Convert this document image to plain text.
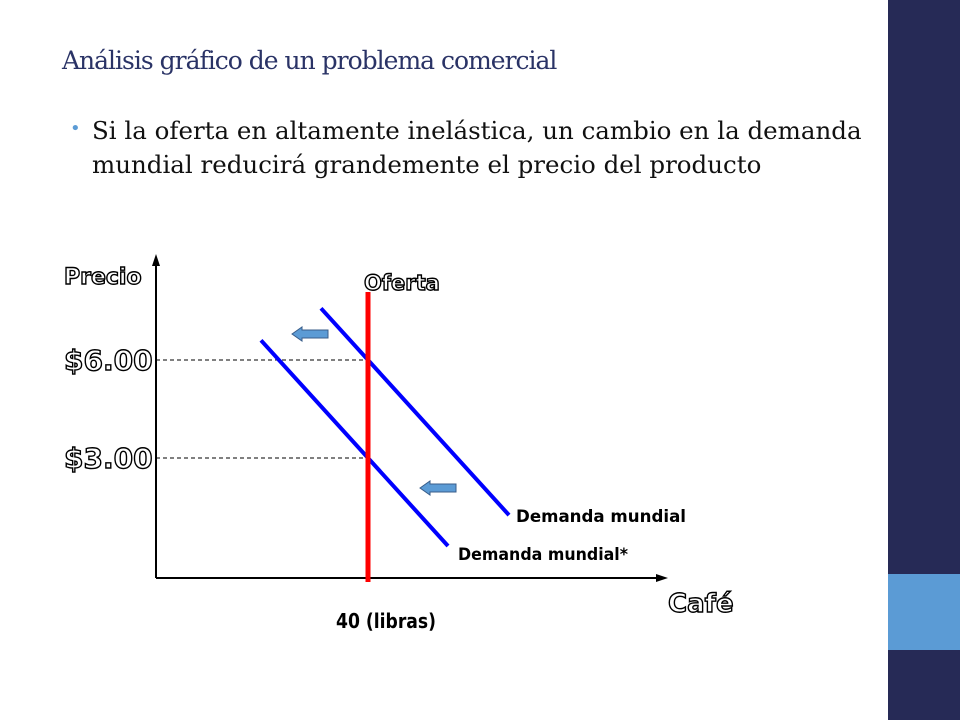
Análisis gráfico de un problema comercial
• Si la oferta en altamente inelástica, un cambio en la demanda mundial reducirá grandemente el precio del producto

Precio
Café
$6.00
$3.00
40 (libras)
Demanda mundial
Demanda mundial*
Oferta
